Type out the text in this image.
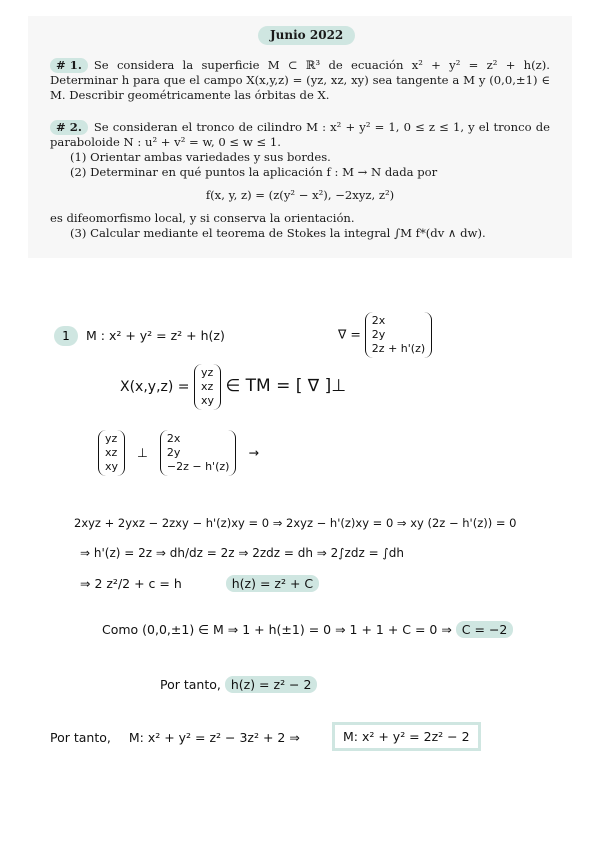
Junio 2022
# 1. Se considera la superficie M ⊂ ℝ³ de ecuación x² + y² = z² + h(z). Determinar h para que el campo X(x,y,z) = (yz, xz, xy) sea tangente a M y (0,0,±1) ∈ M. Describir geométricamente las órbitas de X.
# 2. Se consideran el tronco de cilindro M : x² + y² = 1, 0 ≤ z ≤ 1, y el tronco de paraboloide N : u² + v² = w, 0 ≤ w ≤ 1.
(1) Orientar ambas variedades y sus bordes.
(2) Determinar en qué puntos la aplicación f : M → N dada por
f(x, y, z) = (z(y² − x²), −2xyz, z²)
es difeomorfismo local, y si conserva la orientación.
(3) Calcular mediante el teorema de Stokes la integral ∫M f*(dv ∧ dw).
1	M : x² + y² = z² + h(z)	∇ =
2x
2y
2z + h'(z)
X(x,y,z) =
yz
xz
xy
∈ TM = [ ∇ ]⊥
yz
xz
xy
⊥
2x
2y
−2z − h'(z)
→
2xyz + 2yxz − 2zxy − h'(z)xy = 0 ⇒ 2xyz − h'(z)xy = 0 ⇒ xy (2z − h'(z)) = 0
⇒ h'(z) = 2z ⇒ dh/dz = 2z ⇒ 2zdz = dh ⇒ 2∫zdz = ∫dh
⇒ 2 z²/2 + c = h	h(z) = z² + C
Como (0,0,±1) ∈ M ⇒ 1 + h(±1) = 0 ⇒ 1 + 1 + C = 0 ⇒ C = −2
Por tanto, h(z) = z² − 2
Por tanto, M: x² + y² = z² − 3z² + 2 ⇒	M: x² + y² = 2z² − 2
